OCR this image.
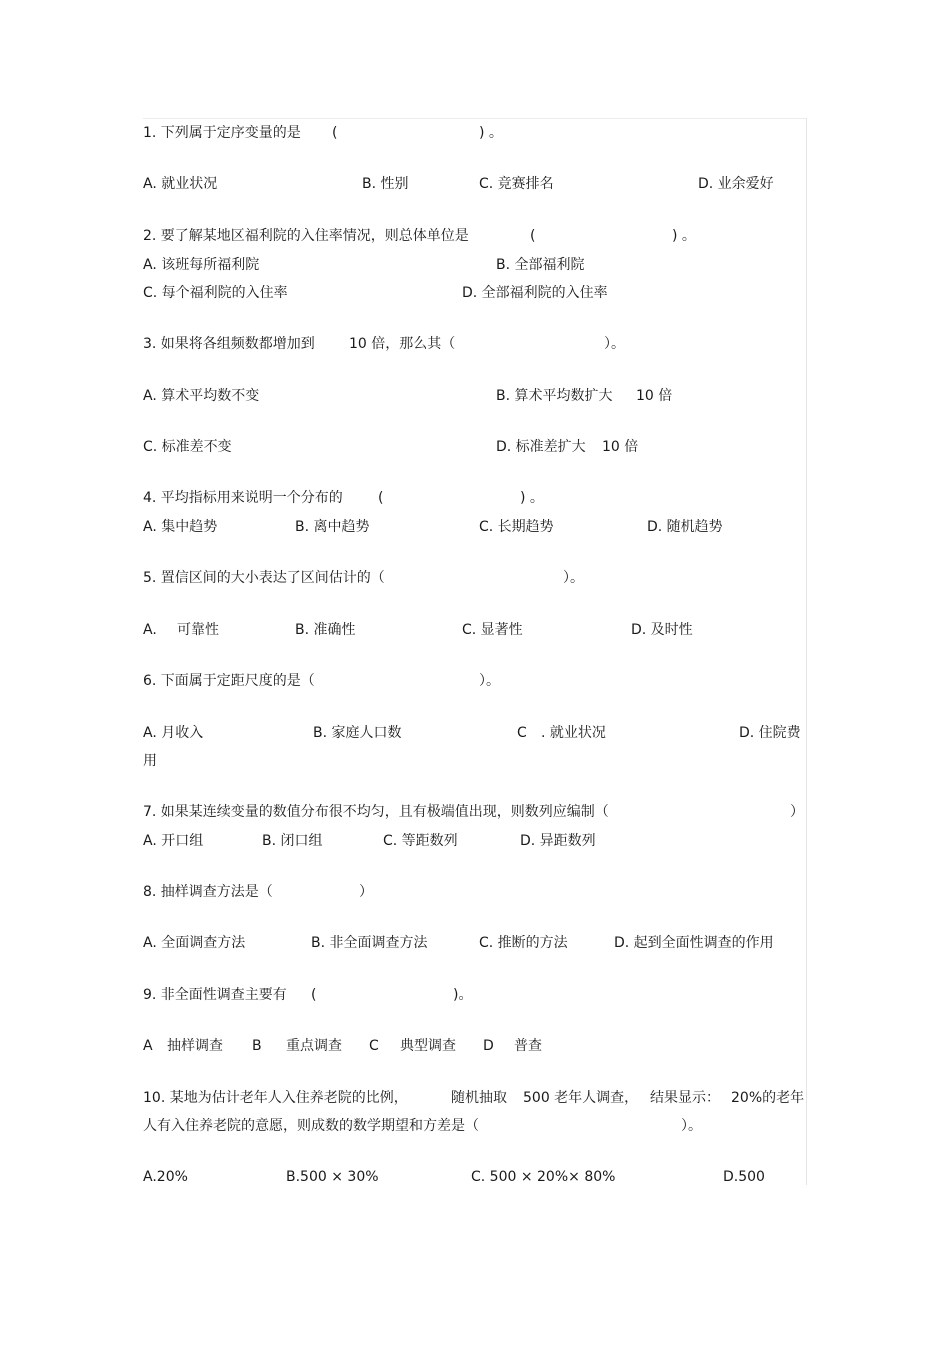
1. 下列属于定序变量的是 (	) 。
A. 就业状况	B. 性别	C. 竞赛排名	D. 业余爱好
2. 要了解某地区福利院的入住率情况，则总体单位是	(	) 。
A. 该班每所福利院	B. 全部福利院
C. 每个福利院的入住率	D. 全部福利院的入住率
3. 如果将各组频数都增加到 10 倍，那么其（	）。
A. 算术平均数不变	B. 算术平均数扩大 10 倍
C. 标准差不变	D. 标准差扩大 10 倍
4. 平均指标用来说明一个分布的	(	) 。
A. 集中趋势	B. 离中趋势	C. 长期趋势	D. 随机趋势
5. 置信区间的大小表达了区间估计的（	）。
A. 可靠性	B. 准确性	C. 显著性	D. 及时性
6. 下面属于定距尺度的是（	）。
A. 月收入	B. 家庭人口数	C . 就业状况	D. 住院费
用
7. 如果某连续变量的数值分布很不均匀，且有极端值出现，则数列应编制（	）
A. 开口组	B. 闭口组	C. 等距数列	D. 异距数列
8. 抽样调查方法是（	）
A. 全面调查方法	B. 非全面调查方法	C. 推断的方法	D. 起到全面性调查的作用
9. 非全面性调查主要有 (	)。
A 抽样调查 B 重点调查 C 典型调查 D 普查
10. 某地为估计老年人入住养老院的比例，	随机抽取 500 老年人调查， 结果显示： 20%的老年
人有入住养老院的意愿，则成数的数学期望和方差是（	）。
A.20%	B.500 × 30%	C. 500 × 20%× 80%	D.500
